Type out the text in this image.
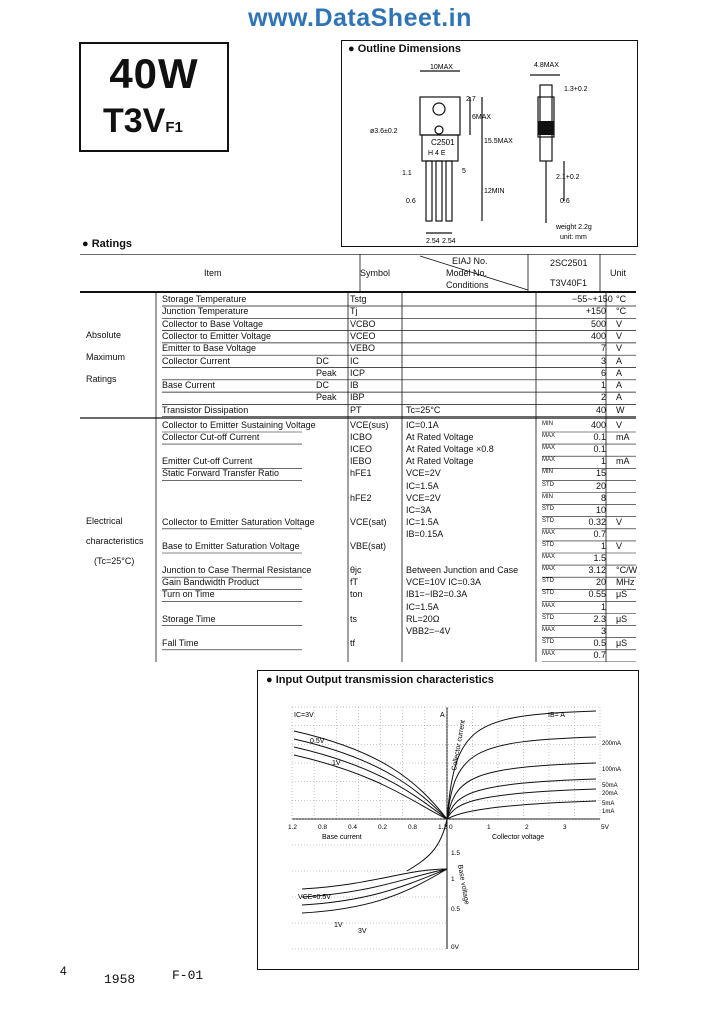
www.DataSheet.in
40W
T3VF1
● Outline Dimensions
C2501
H 4 E
10MAX	4.8MAX
1.3+0.2
2.7
6MAX
15.5MAX
ø3.6±0.2
12MIN
5
1.1
0.6	0.6
2.1+0.2
2.54 2.54
weight 2.2g
unit: mm
● Ratings
Item	Symbol
EIAJ No.
Model No.
Conditions
2SC2501
T3V40F1
Unit
Absolute
Maximum
Ratings
Electrical
characteristics
(Tc=25°C)
Storage Temperature	Tstg	−55~+150 °C
Junction Temperature	Tj	+150 °C
Collector to Base Voltage	VCBO	500 V
Collector to Emitter Voltage	VCEO	400 V
Emitter to Base Voltage	VEBO	7 V
Collector Current	DC IC	3 A
Peak ICP	6 A
Base Current	DC IB	1 A
Peak IBP	2 A
Transistor Dissipation	PT	Tc=25°C	40 W
Collector to Emitter Sustaining Voltage	VCE(sus) IC=0.1A	MIN	400 V
Collector Cut-off Current	ICBO	At Rated Voltage	MAX	0.1 mA
ICEO	At Rated Voltage ×0.8	MAX	0.1
Emitter Cut-off Current	IEBO	At Rated Voltage	MAX	1 mA
Static Forward Transfer Ratio	hFE1	VCE=2V	MIN	15
IC=1.5A	STD	20
hFE2	VCE=2V	MIN	8
IC=3A	STD	10
Collector to Emitter Saturation Voltage	VCE(sat) IC=1.5A	STD	0.32 V
IB=0.15A	MAX	0.7
Base to Emitter Saturation Voltage	VBE(sat)	STD	1 V
MAX	1.5
Junction to Case Thermal Resistance	θjc	Between Junction and Case	MAX	3.12 °C/W
Gain Bandwidth Product	fT	VCE=10V IC=0.3A	STD	20 MHz
Turn on Time	ton	IB1=−IB2=0.3A	STD	0.55 μS
IC=1.5A	MAX	1
Storage Time	ts	RL=20Ω	STD	2.3 μS
VBB2=−4V	MAX	3
Fall Time	tf	STD	0.5 μS
MAX	0.7
● Input Output transmission characteristics
IC=3V
0.5V
1V
1.2	0.8	0.4	0.2	0.8	1.2
Base current
IB= A
200mA
100mA
50mA
20mA
5mA
1mA
0	1	2	3	5V
Collector voltage
A
Collector current
Base voltage
1.5
1
0.5
0V
VCE=0.5V
1V
3V
4
1958	F-01
